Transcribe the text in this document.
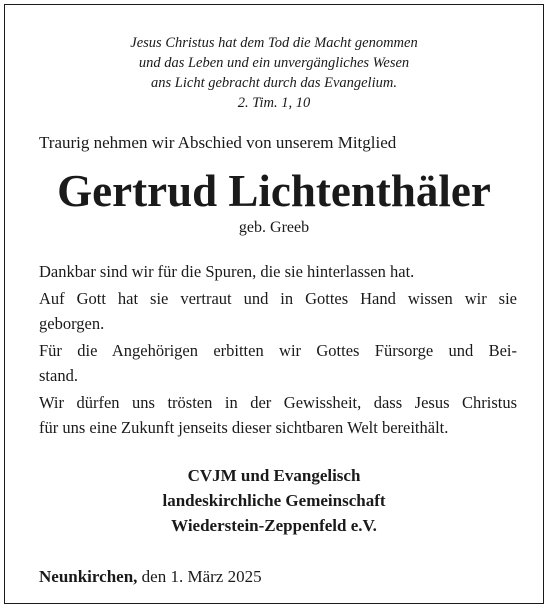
Jesus Christus hat dem Tod die Macht genommen
und das Leben und ein unvergängliches Wesen
ans Licht gebracht durch das Evangelium.
2. Tim. 1, 10
Traurig nehmen wir Abschied von unserem Mitglied
Gertrud Lichtenthäler
geb. Greeb
Dankbar sind wir für die Spuren, die sie hinterlassen hat.
Auf Gott hat sie vertraut und in Gottes Hand wissen wir sie
geborgen.
Für die Angehörigen erbitten wir Gottes Fürsorge und Bei-
stand.
Wir dürfen uns trösten in der Gewissheit, dass Jesus Christus
für uns eine Zukunft jenseits dieser sichtbaren Welt bereithält.
CVJM und Evangelisch
landeskirchliche Gemeinschaft
Wiederstein-Zeppenfeld e.V.
Neunkirchen, den 1. März 2025
